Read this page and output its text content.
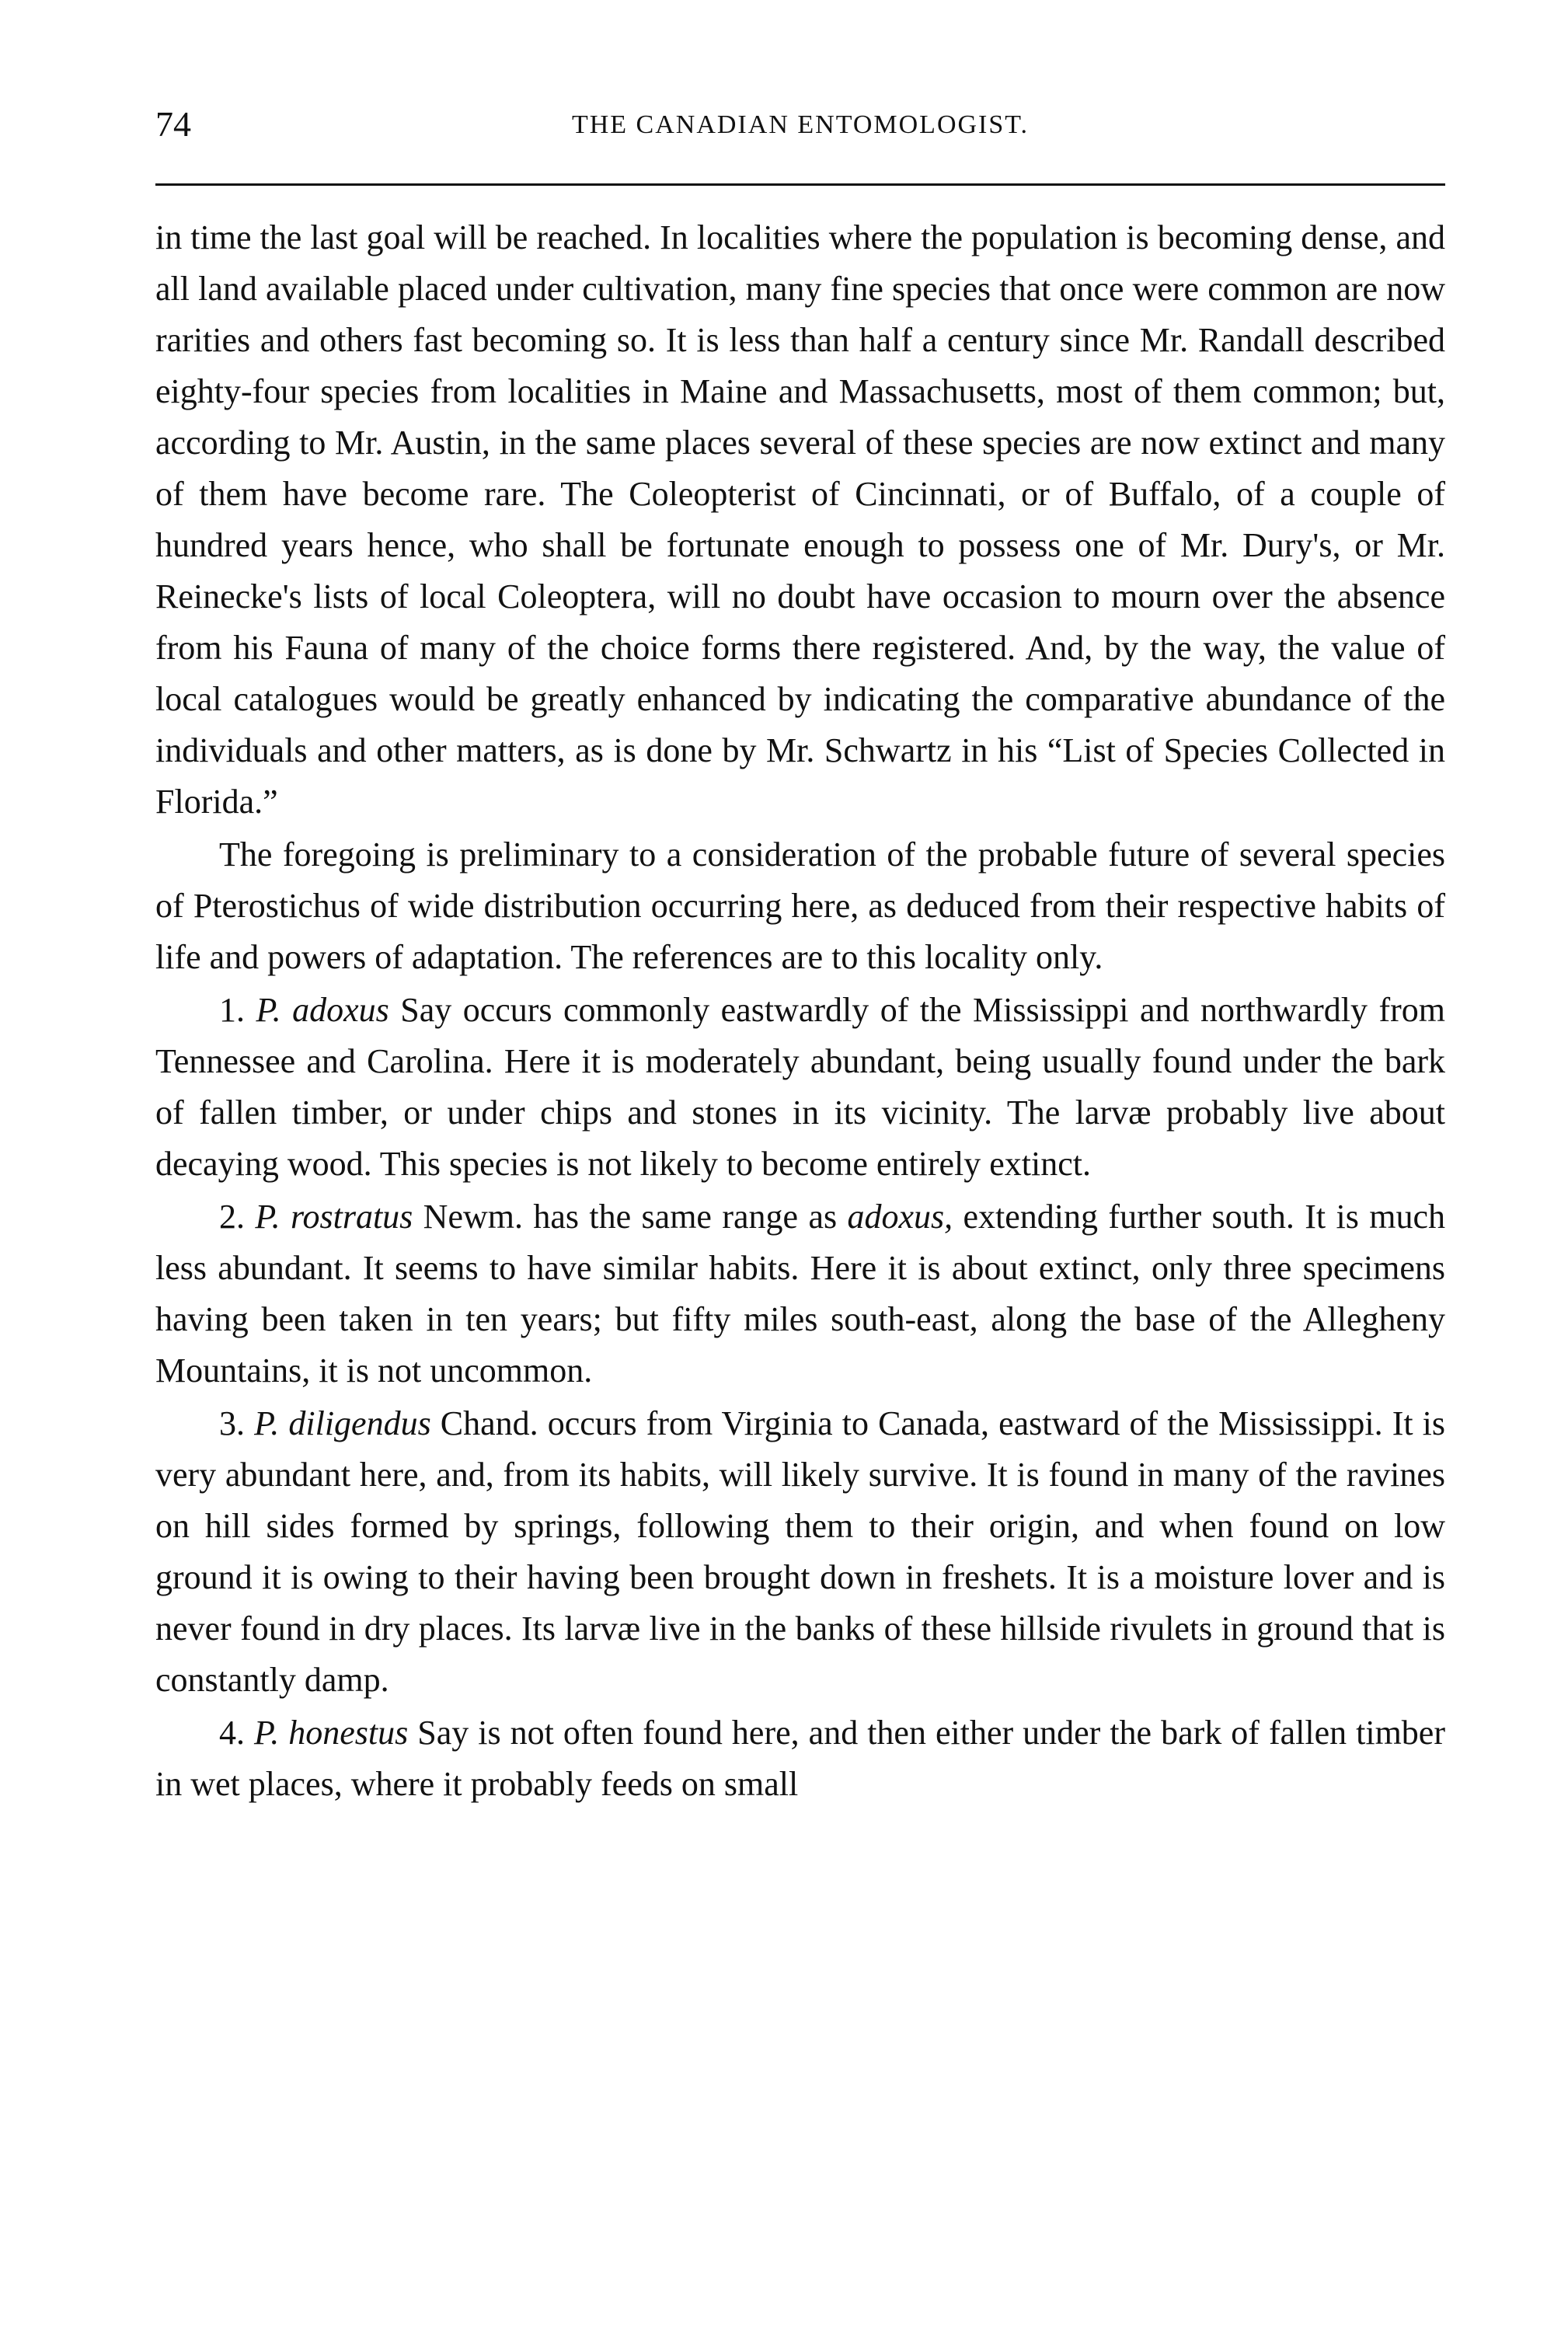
74	THE CANADIAN ENTOMOLOGIST.

in time the last goal will be reached. In localities where the population is becoming dense, and all land available placed under cultivation, many fine species that once were common are now rarities and others fast becoming so. It is less than half a century since Mr. Randall described eighty-four species from localities in Maine and Massachusetts, most of them common; but, according to Mr. Austin, in the same places several of these species are now extinct and many of them have become rare. The Coleopterist of Cincinnati, or of Buffalo, of a couple of hundred years hence, who shall be fortunate enough to possess one of Mr. Dury's, or Mr. Reinecke's lists of local Coleoptera, will no doubt have occasion to mourn over the absence from his Fauna of many of the choice forms there registered. And, by the way, the value of local catalogues would be greatly enhanced by indicating the comparative abundance of the individuals and other matters, as is done by Mr. Schwartz in his “List of Species Collected in Florida.”

The foregoing is preliminary to a consideration of the probable future of several species of Pterostichus of wide distribution occurring here, as deduced from their respective habits of life and powers of adaptation. The references are to this locality only.

1. P. adoxus Say occurs commonly eastwardly of the Mississippi and northwardly from Tennessee and Carolina. Here it is moderately abundant, being usually found under the bark of fallen timber, or under chips and stones in its vicinity. The larvæ probably live about decaying wood. This species is not likely to become entirely extinct.

2. P. rostratus Newm. has the same range as adoxus, extending further south. It is much less abundant. It seems to have similar habits. Here it is about extinct, only three specimens having been taken in ten years; but fifty miles south-east, along the base of the Allegheny Mountains, it is not uncommon.

3. P. diligendus Chand. occurs from Virginia to Canada, eastward of the Mississippi. It is very abundant here, and, from its habits, will likely survive. It is found in many of the ravines on hill sides formed by springs, following them to their origin, and when found on low ground it is owing to their having been brought down in freshets. It is a moisture lover and is never found in dry places. Its larvæ live in the banks of these hillside rivulets in ground that is constantly damp.

4. P. honestus Say is not often found here, and then either under the bark of fallen timber in wet places, where it probably feeds on small
